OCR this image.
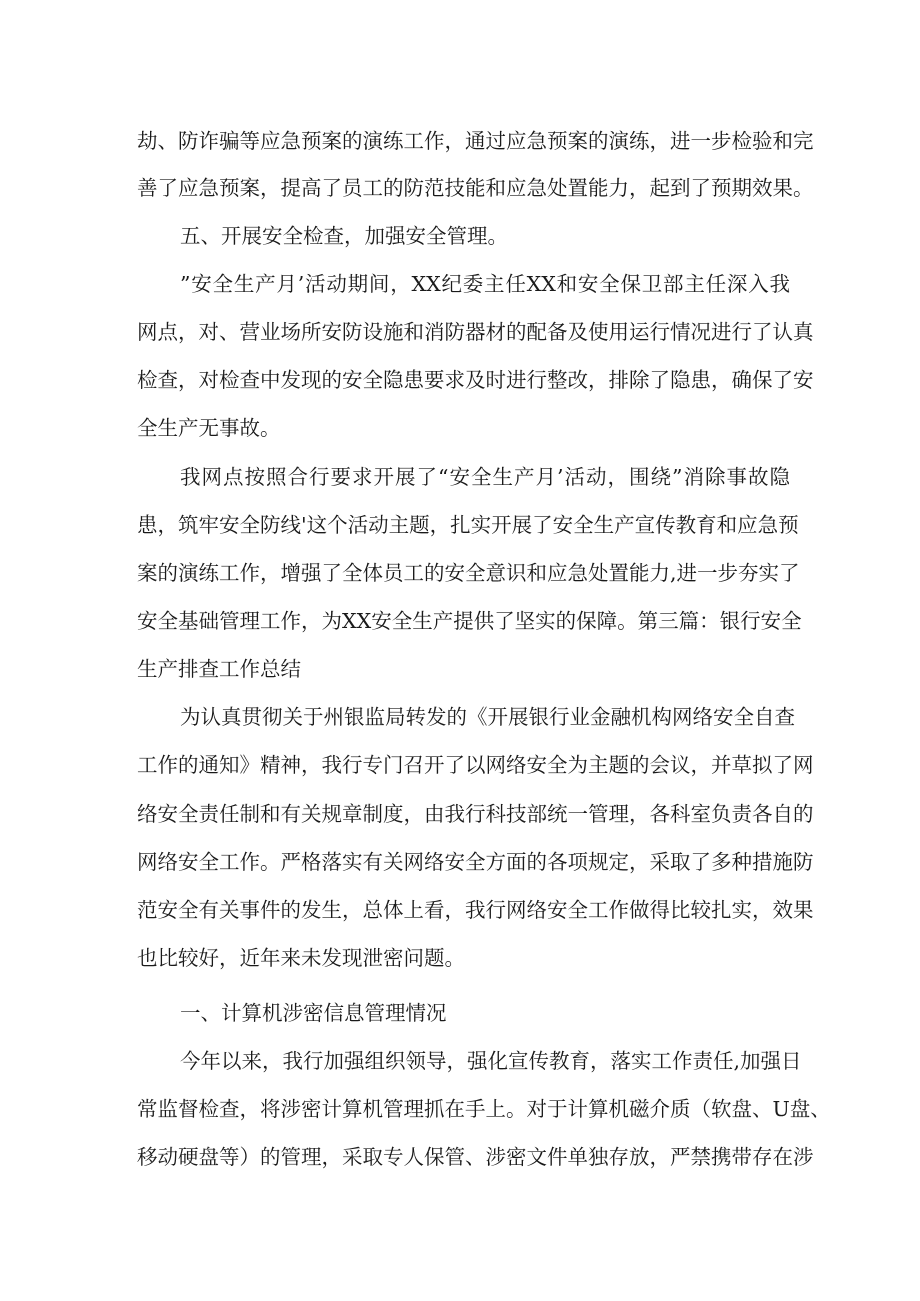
劫、防诈骗等应急预案的演练工作，通过应急预案的演练，进一步检验和完
善了应急预案，提高了员工的防范技能和应急处置能力，起到了预期效果。
五、开展安全检查，加强安全管理。
”安全生产月’活动期间，XX纪委主任XX和安全保卫部主任深入我
网点，对、营业场所安防设施和消防器材的配备及使用运行情况进行了认真
检查，对检查中发现的安全隐患要求及时进行整改，排除了隐患，确保了安
全生产无事故。
我网点按照合行要求开展了“安全生产月’活动，围绕”消除事故隐
患，筑牢安全防线'这个活动主题，扎实开展了安全生产宣传教育和应急预
案的演练工作，增强了全体员工的安全意识和应急处置能力,进一步夯实了
安全基础管理工作，为XX安全生产提供了坚实的保障。第三篇：银行安全
生产排查工作总结
为认真贯彻关于州银监局转发的《开展银行业金融机构网络安全自查
工作的通知》精神，我行专门召开了以网络安全为主题的会议，并草拟了网
络安全责任制和有关规章制度，由我行科技部统一管理，各科室负责各自的
网络安全工作。严格落实有关网络安全方面的各项规定，采取了多种措施防
范安全有关事件的发生，总体上看，我行网络安全工作做得比较扎实，效果
也比较好，近年来未发现泄密问题。
一、计算机涉密信息管理情况
今年以来，我行加强组织领导，强化宣传教育，落实工作责任,加强日
常监督检查，将涉密计算机管理抓在手上。对于计算机磁介质（软盘、U盘、
移动硬盘等）的管理，采取专人保管、涉密文件单独存放，严禁携带存在涉
